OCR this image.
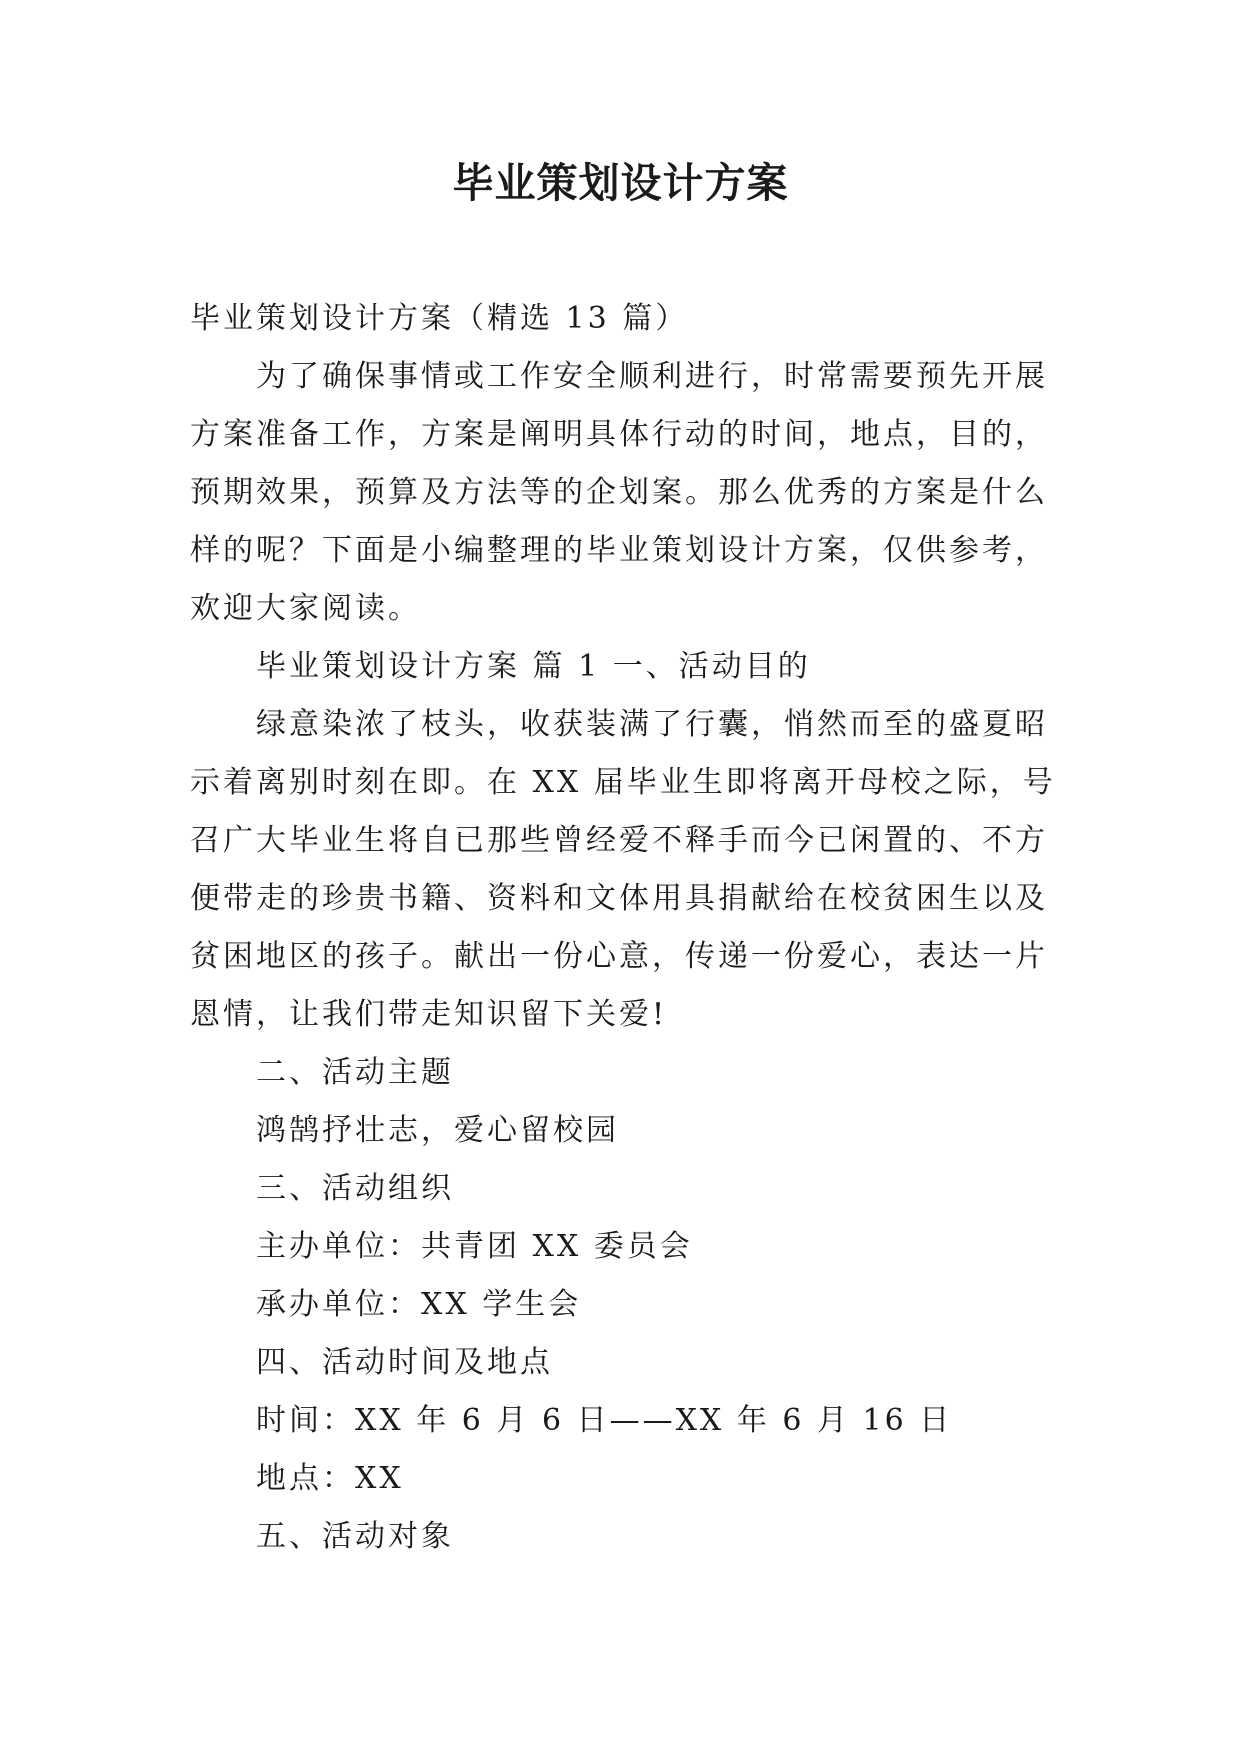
毕业策划设计方案
毕业策划设计方案（精选 13 篇）
为了确保事情或工作安全顺利进行，时常需要预先开展
方案准备工作，方案是阐明具体行动的时间，地点，目的，
预期效果，预算及方法等的企划案。那么优秀的方案是什么
样的呢？下面是小编整理的毕业策划设计方案，仅供参考，
欢迎大家阅读。
毕业策划设计方案 篇 1 一、活动目的
绿意染浓了枝头，收获装满了行囊，悄然而至的盛夏昭
示着离别时刻在即。在 XX 届毕业生即将离开母校之际，号
召广大毕业生将自已那些曾经爱不释手而今已闲置的、不方
便带走的珍贵书籍、资料和文体用具捐献给在校贫困生以及
贫困地区的孩子。献出一份心意，传递一份爱心，表达一片
恩情，让我们带走知识留下关爱!
二、活动主题
鸿鹄抒壮志，爱心留校园
三、活动组织
主办单位：共青团 XX 委员会
承办单位：XX 学生会
四、活动时间及地点
时间：XX 年 6 月 6 日——XX 年 6 月 16 日
地点：XX
五、活动对象
